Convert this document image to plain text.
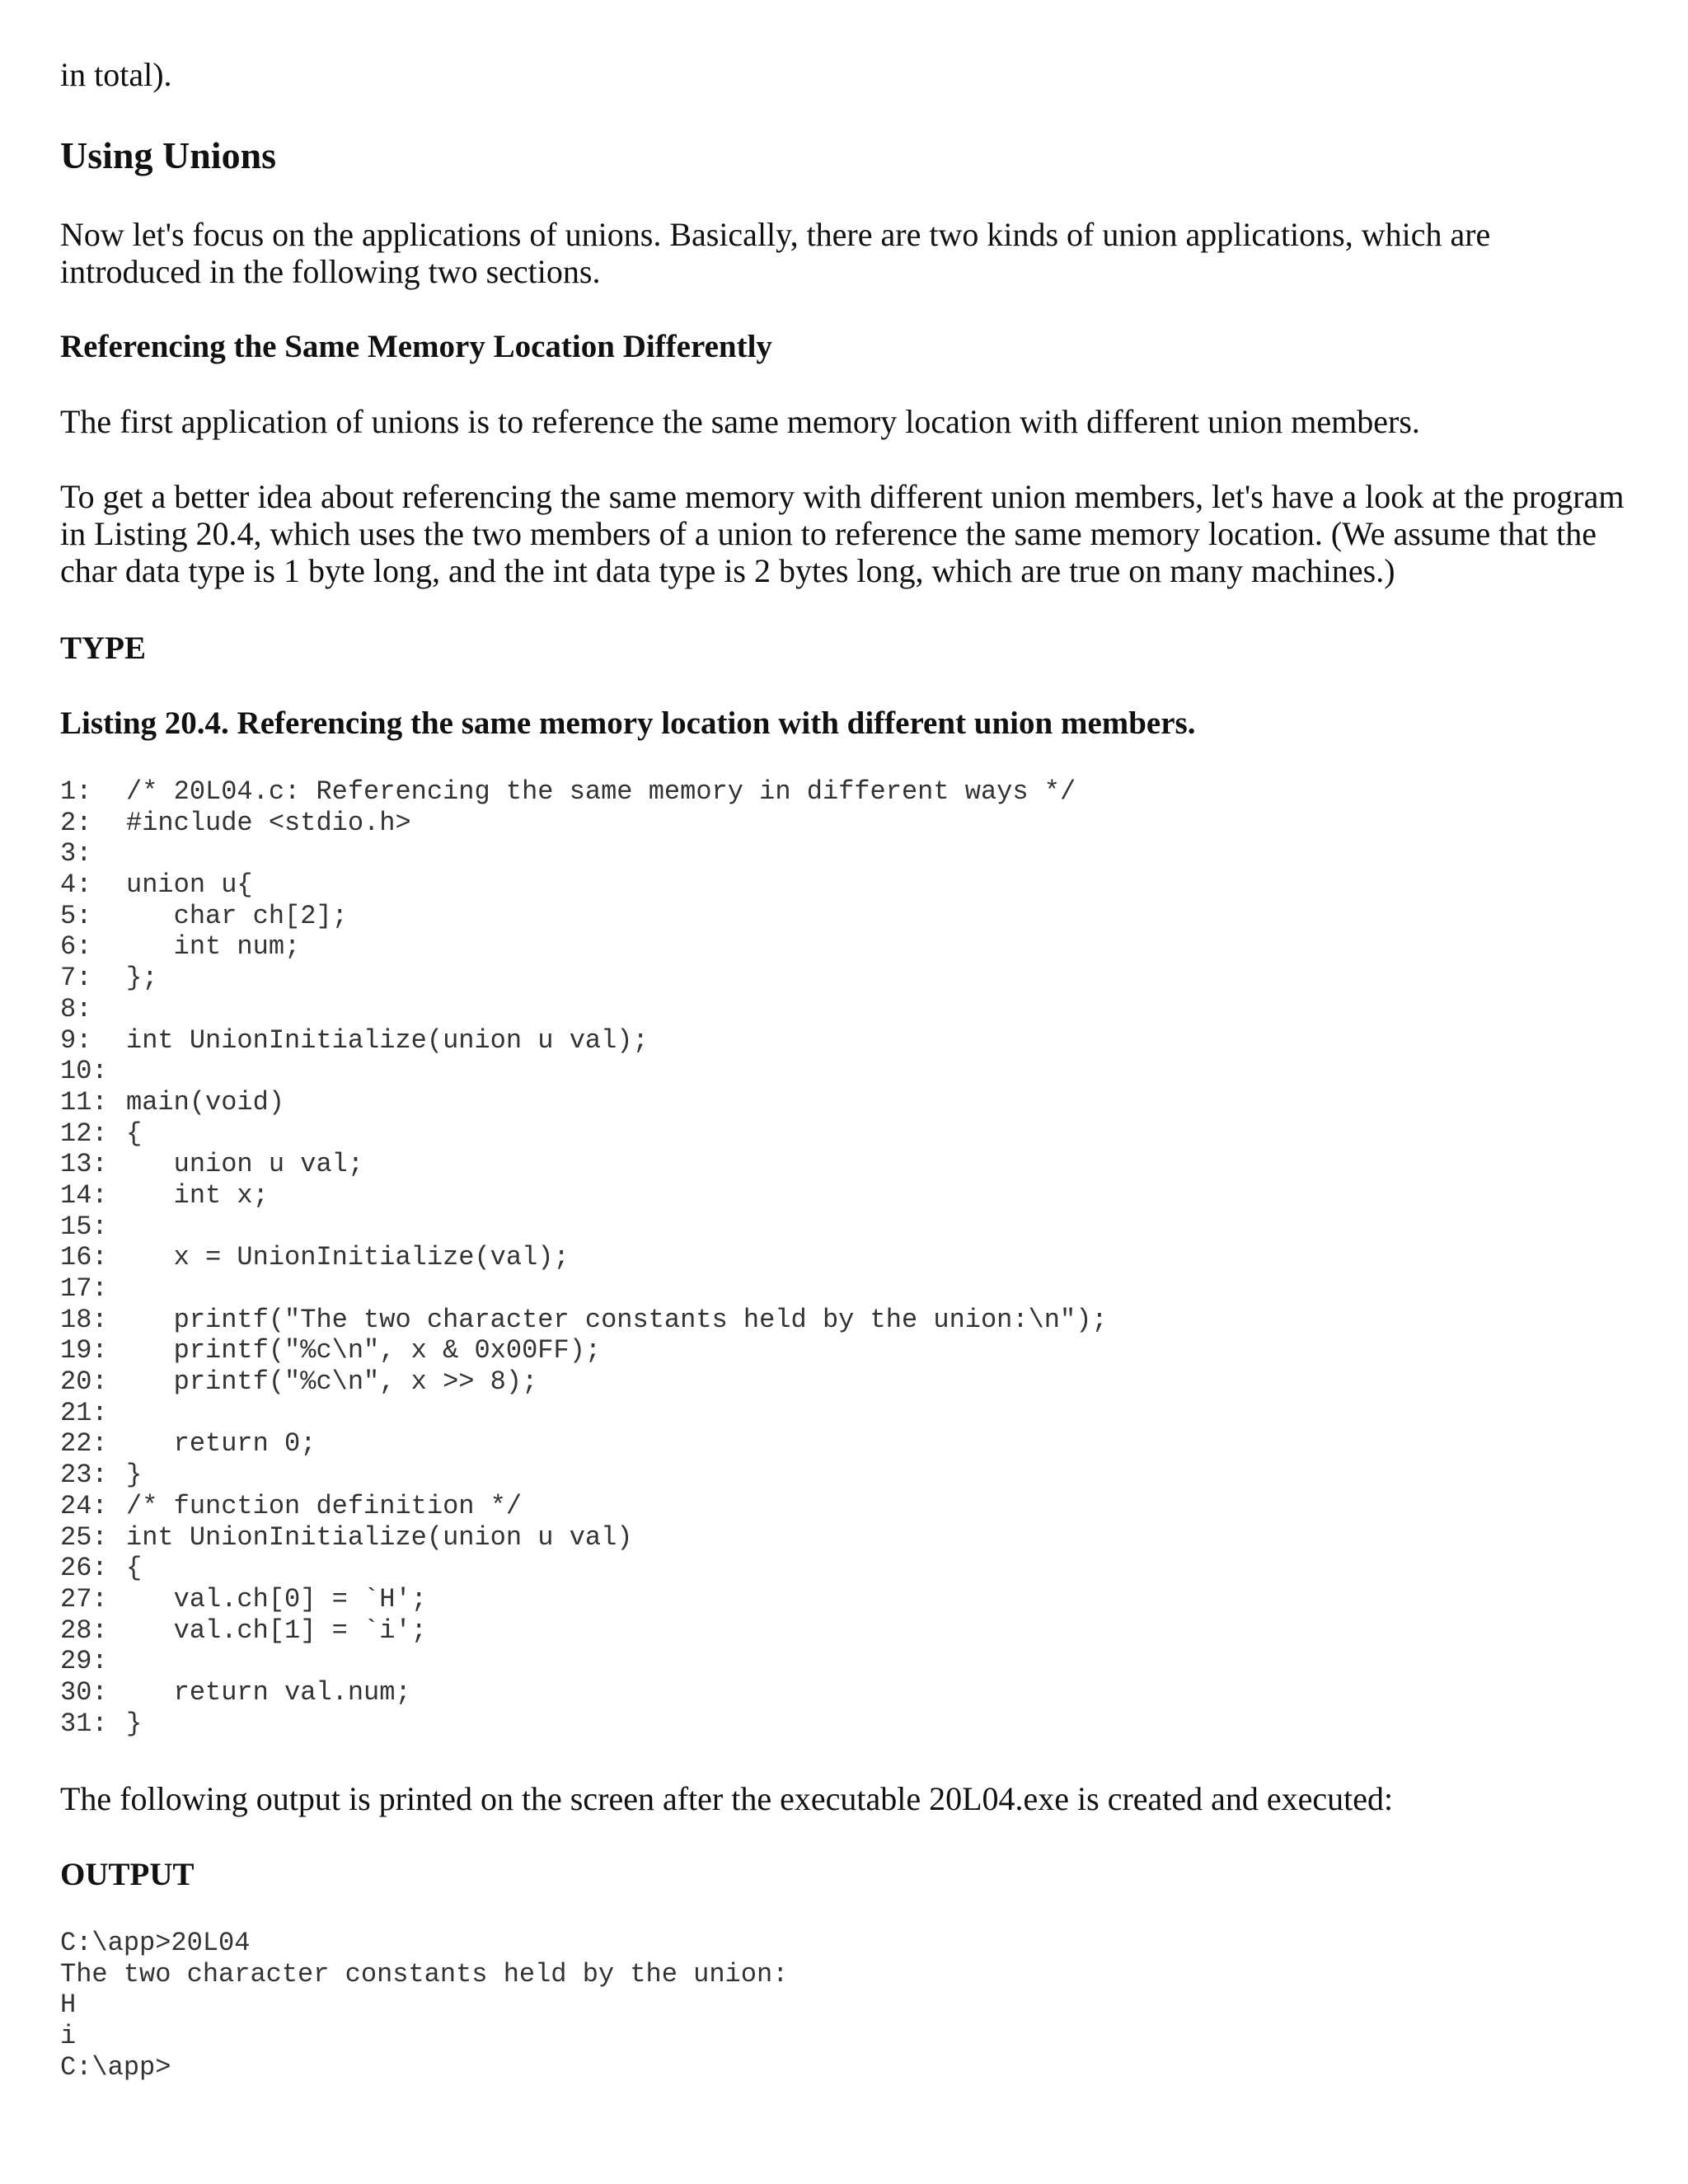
in total).

Using Unions

Now let's focus on the applications of unions. Basically, there are two kinds of union applications, which are introduced in the following two sections.

Referencing the Same Memory Location Differently

The first application of unions is to reference the same memory location with different union members.

To get a better idea about referencing the same memory with different union members, let's have a look at the program in Listing 20.4, which uses the two members of a union to reference the same memory location. (We assume that the char data type is 1 byte long, and the int data type is 2 bytes long, which are true on many machines.)

TYPE
Listing 20.4. Referencing the same memory location with different union members.
1: /* 20L04.c: Referencing the same memory in different ways */
2: #include <stdio.h>
3:
4: union u{
5:   char ch[2];
6:   int num;
7: };
8:
9: int UnionInitialize(union u val);
10:
11: main(void)
12: {
13:   union u val;
14:   int x;
15:
16:   x = UnionInitialize(val);
17:
18:   printf("The two character constants held by the union:\n");
19:   printf("%c\n", x & 0x00FF);
20:   printf("%c\n", x >> 8);
21:
22:   return 0;
23: }
24: /* function definition */
25: int UnionInitialize(union u val)
26: {
27:   val.ch[0] = `H';
28:   val.ch[1] = `i';
29:
30:   return val.num;
31: }

The following output is printed on the screen after the executable 20L04.exe is created and executed:

OUTPUT
C:\app>20L04
The two character constants held by the union:
H
i
C:\app>
